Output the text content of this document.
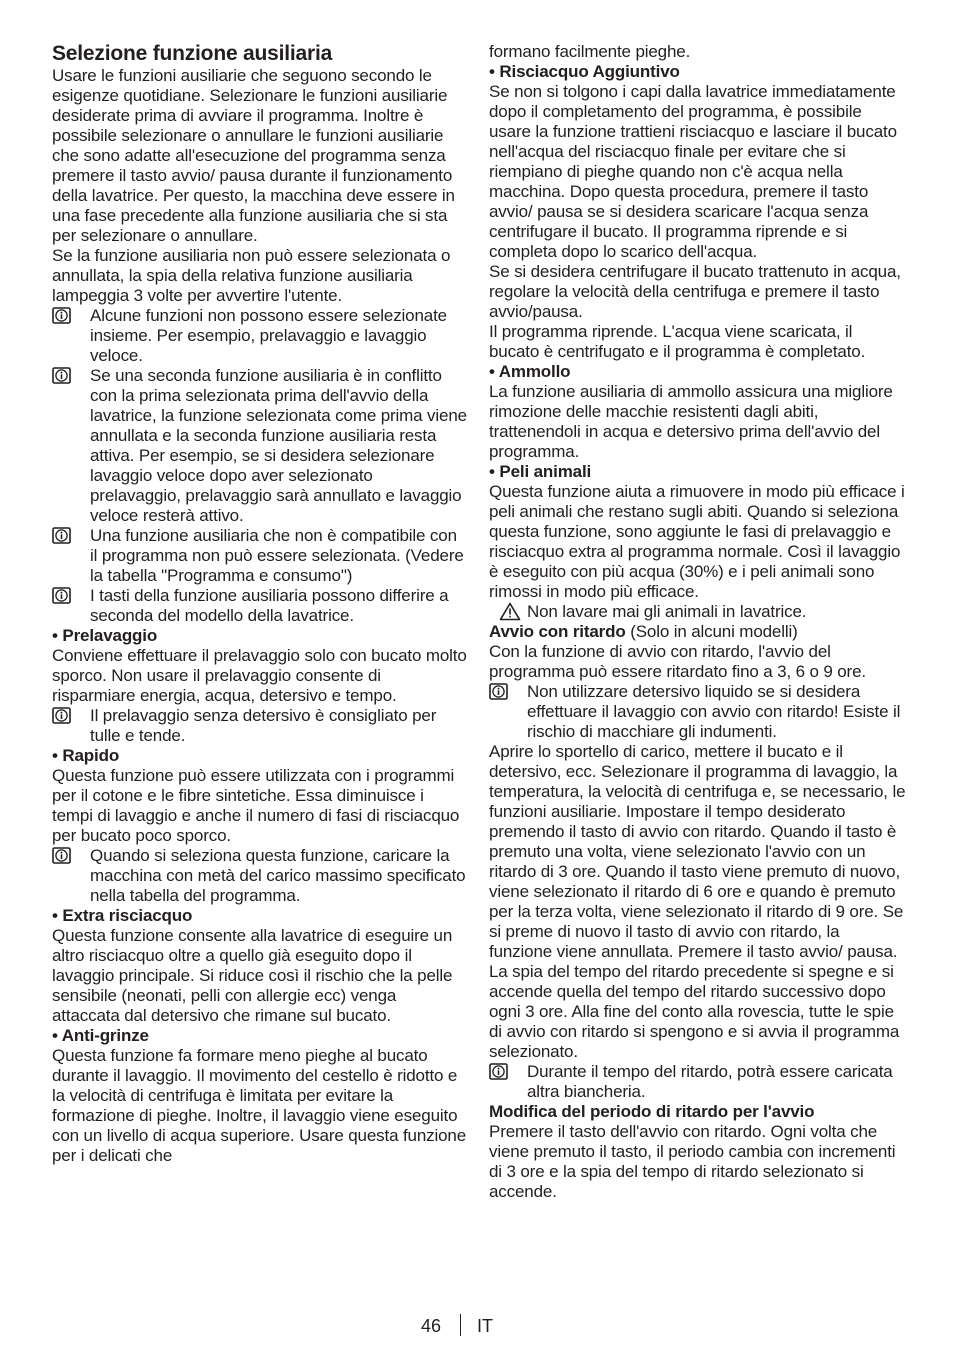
Selezione funzione ausiliaria

Usare le funzioni ausiliarie che seguono secondo le esigenze quotidiane. Selezionare le funzioni ausiliarie desiderate prima di avviare il programma. Inoltre è possibile selezionare o annullare le funzioni ausiliarie che sono adatte all'esecuzione del programma senza premere il tasto avvio/ pausa durante il funzionamento della lavatrice. Per questo, la macchina deve essere in una fase precedente alla funzione ausiliaria che si sta per selezionare o annullare.

Se la funzione ausiliaria non può essere selezionata o annullata, la spia della relativa funzione ausiliaria lampeggia 3 volte per avvertire l'utente.

Alcune funzioni non possono essere selezionate insieme. Per esempio, prelavaggio e lavaggio veloce.
Se una seconda funzione ausiliaria è in conflitto con la prima selezionata prima dell'avvio della lavatrice, la funzione selezionata come prima viene annullata e la seconda funzione ausiliaria resta attiva. Per esempio, se si desidera selezionare lavaggio veloce dopo aver selezionato prelavaggio, prelavaggio sarà annullato e lavaggio veloce resterà attivo.
Una funzione ausiliaria che non è compatibile con il programma non può essere selezionata. (Vedere la tabella "Programma e consumo")
I tasti della funzione ausiliaria possono differire a seconda del modello della lavatrice.

• Prelavaggio

Conviene effettuare il prelavaggio solo con bucato molto sporco. Non usare il prelavaggio consente di risparmiare energia, acqua, detersivo e tempo.

Il prelavaggio senza detersivo è consigliato per tulle e tende.

• Rapido

Questa funzione può essere utilizzata con i programmi per il cotone e le fibre sintetiche. Essa diminuisce i tempi di lavaggio e anche il numero di fasi di risciacquo per bucato poco sporco.

Quando si seleziona questa funzione, caricare la macchina con metà del carico massimo specificato nella tabella del programma.

• Extra risciacquo

Questa funzione consente alla lavatrice di eseguire un altro risciacquo oltre a quello già eseguito dopo il lavaggio principale. Si riduce così il rischio che la pelle sensibile (neonati, pelli con allergie ecc) venga attaccata dal detersivo che rimane sul bucato.

• Anti-grinze

Questa funzione fa formare meno pieghe al bucato durante il lavaggio. Il movimento del cestello è ridotto e la velocità di centrifuga è limitata per evitare la formazione di pieghe. Inoltre, il lavaggio viene eseguito con un livello di acqua superiore. Usare questa funzione per i delicati che

formano facilmente pieghe.

• Risciacquo Aggiuntivo

Se non si tolgono i capi dalla lavatrice immediatamente dopo il completamento del programma, è possibile usare la funzione trattieni risciacquo e lasciare il bucato nell'acqua del risciacquo finale per evitare che si riempiano di pieghe quando non c'è acqua nella macchina. Dopo questa procedura, premere il tasto avvio/ pausa se si desidera scaricare l'acqua senza centrifugare il bucato. Il programma riprende e si completa dopo lo scarico dell'acqua.

Se si desidera centrifugare il bucato trattenuto in acqua, regolare la velocità della centrifuga e premere il tasto avvio/pausa.

Il programma riprende. L'acqua viene scaricata, il bucato è centrifugato e il programma è completato.

• Ammollo

La funzione ausiliaria di ammollo assicura una migliore rimozione delle macchie resistenti dagli abiti, trattenendoli in acqua e detersivo prima dell'avvio del programma.

• Peli animali

Questa funzione aiuta a rimuovere in modo più efficace i peli animali che restano sugli abiti. Quando si seleziona questa funzione, sono aggiunte le fasi di prelavaggio e risciacquo extra al programma normale. Così il lavaggio è eseguito con più acqua (30%) e i peli animali sono rimossi in modo più efficace.

Non lavare mai gli animali in lavatrice.

Avvio con ritardo (Solo in alcuni modelli)

Con la funzione di avvio con ritardo, l'avvio del programma può essere ritardato fino a 3, 6 o 9 ore.

Non utilizzare detersivo liquido se si desidera effettuare il lavaggio con avvio con ritardo! Esiste il rischio di macchiare gli indumenti.

Aprire lo sportello di carico, mettere il bucato e il detersivo, ecc. Selezionare il programma di lavaggio, la temperatura, la velocità di centrifuga e, se necessario, le funzioni ausiliarie. Impostare il tempo desiderato premendo il tasto di avvio con ritardo. Quando il tasto è premuto una volta, viene selezionato l'avvio con un ritardo di 3 ore. Quando il tasto viene premuto di nuovo, viene selezionato il ritardo di 6 ore e quando è premuto per la terza volta, viene selezionato il ritardo di 9 ore. Se si preme di nuovo il tasto di avvio con ritardo, la funzione viene annullata. Premere il tasto avvio/ pausa. La spia del tempo del ritardo precedente si spegne e si accende quella del tempo del ritardo successivo dopo ogni 3 ore. Alla fine del conto alla rovescia, tutte le spie di avvio con ritardo si spengono e si avvia il programma selezionato.

Durante il tempo del ritardo, potrà essere caricata altra biancheria.

Modifica del periodo di ritardo per l'avvio

Premere il tasto dell'avvio con ritardo. Ogni volta che viene premuto il tasto, il periodo cambia con incrementi di 3 ore e la spia del tempo di ritardo selezionato si accende.

46 IT
